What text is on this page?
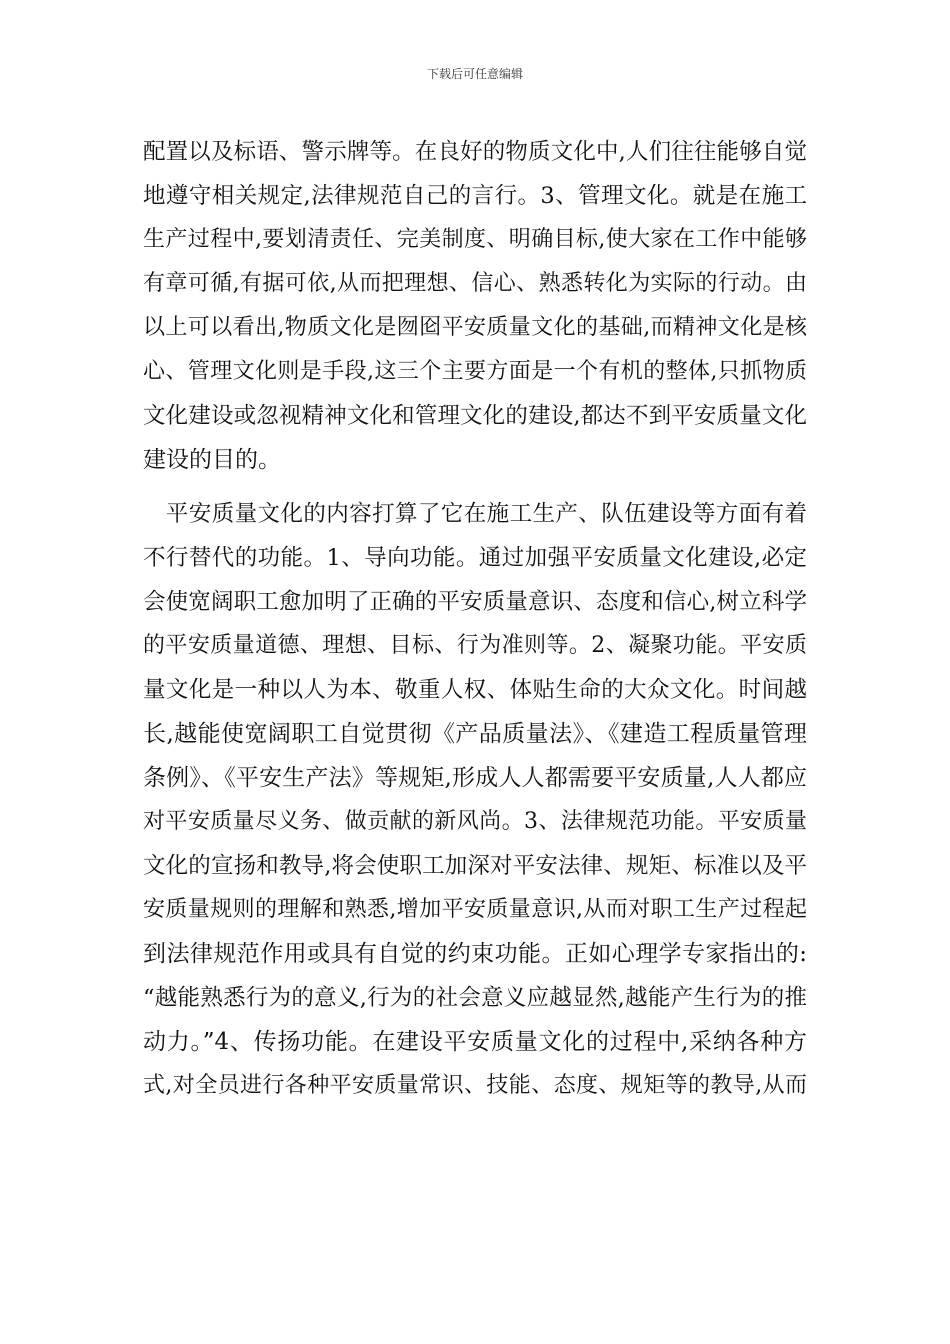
下载后可任意编辑
配置以及标语、警示牌等。在良好的物质文化中,人们往往能够自觉
地遵守相关规定,法律规范自己的言行。3、管理文化。就是在施工
生产过程中,要划清责任、完美制度、明确目标,使大家在工作中能够
有章可循,有据可依,从而把理想、信心、熟悉转化为实际的行动。由
以上可以看出,物质文化是囫囵平安质量文化的基础,而精神文化是核
心、管理文化则是手段,这三个主要方面是一个有机的整体,只抓物质
文化建设或忽视精神文化和管理文化的建设,都达不到平安质量文化
建设的目的。
　平安质量文化的内容打算了它在施工生产、队伍建设等方面有着
不行替代的功能。1、导向功能。通过加强平安质量文化建设,必定
会使宽阔职工愈加明了正确的平安质量意识、态度和信心,树立科学
的平安质量道德、理想、目标、行为准则等。2、凝聚功能。平安质
量文化是一种以人为本、敬重人权、体贴生命的大众文化。时间越
长,越能使宽阔职工自觉贯彻《产品质量法》、《建造工程质量管理
条例》、《平安生产法》等规矩,形成人人都需要平安质量,人人都应
对平安质量尽义务、做贡献的新风尚。3、法律规范功能。平安质量
文化的宣扬和教导,将会使职工加深对平安法律、规矩、标准以及平
安质量规则的理解和熟悉,增加平安质量意识,从而对职工生产过程起
到法律规范作用或具有自觉的约束功能。正如心理学专家指出的:
“越能熟悉行为的意义,行为的社会意义应越显然,越能产生行为的推
动力。”4、传扬功能。在建设平安质量文化的过程中,采纳各种方
式,对全员进行各种平安质量常识、技能、态度、规矩等的教导,从而
